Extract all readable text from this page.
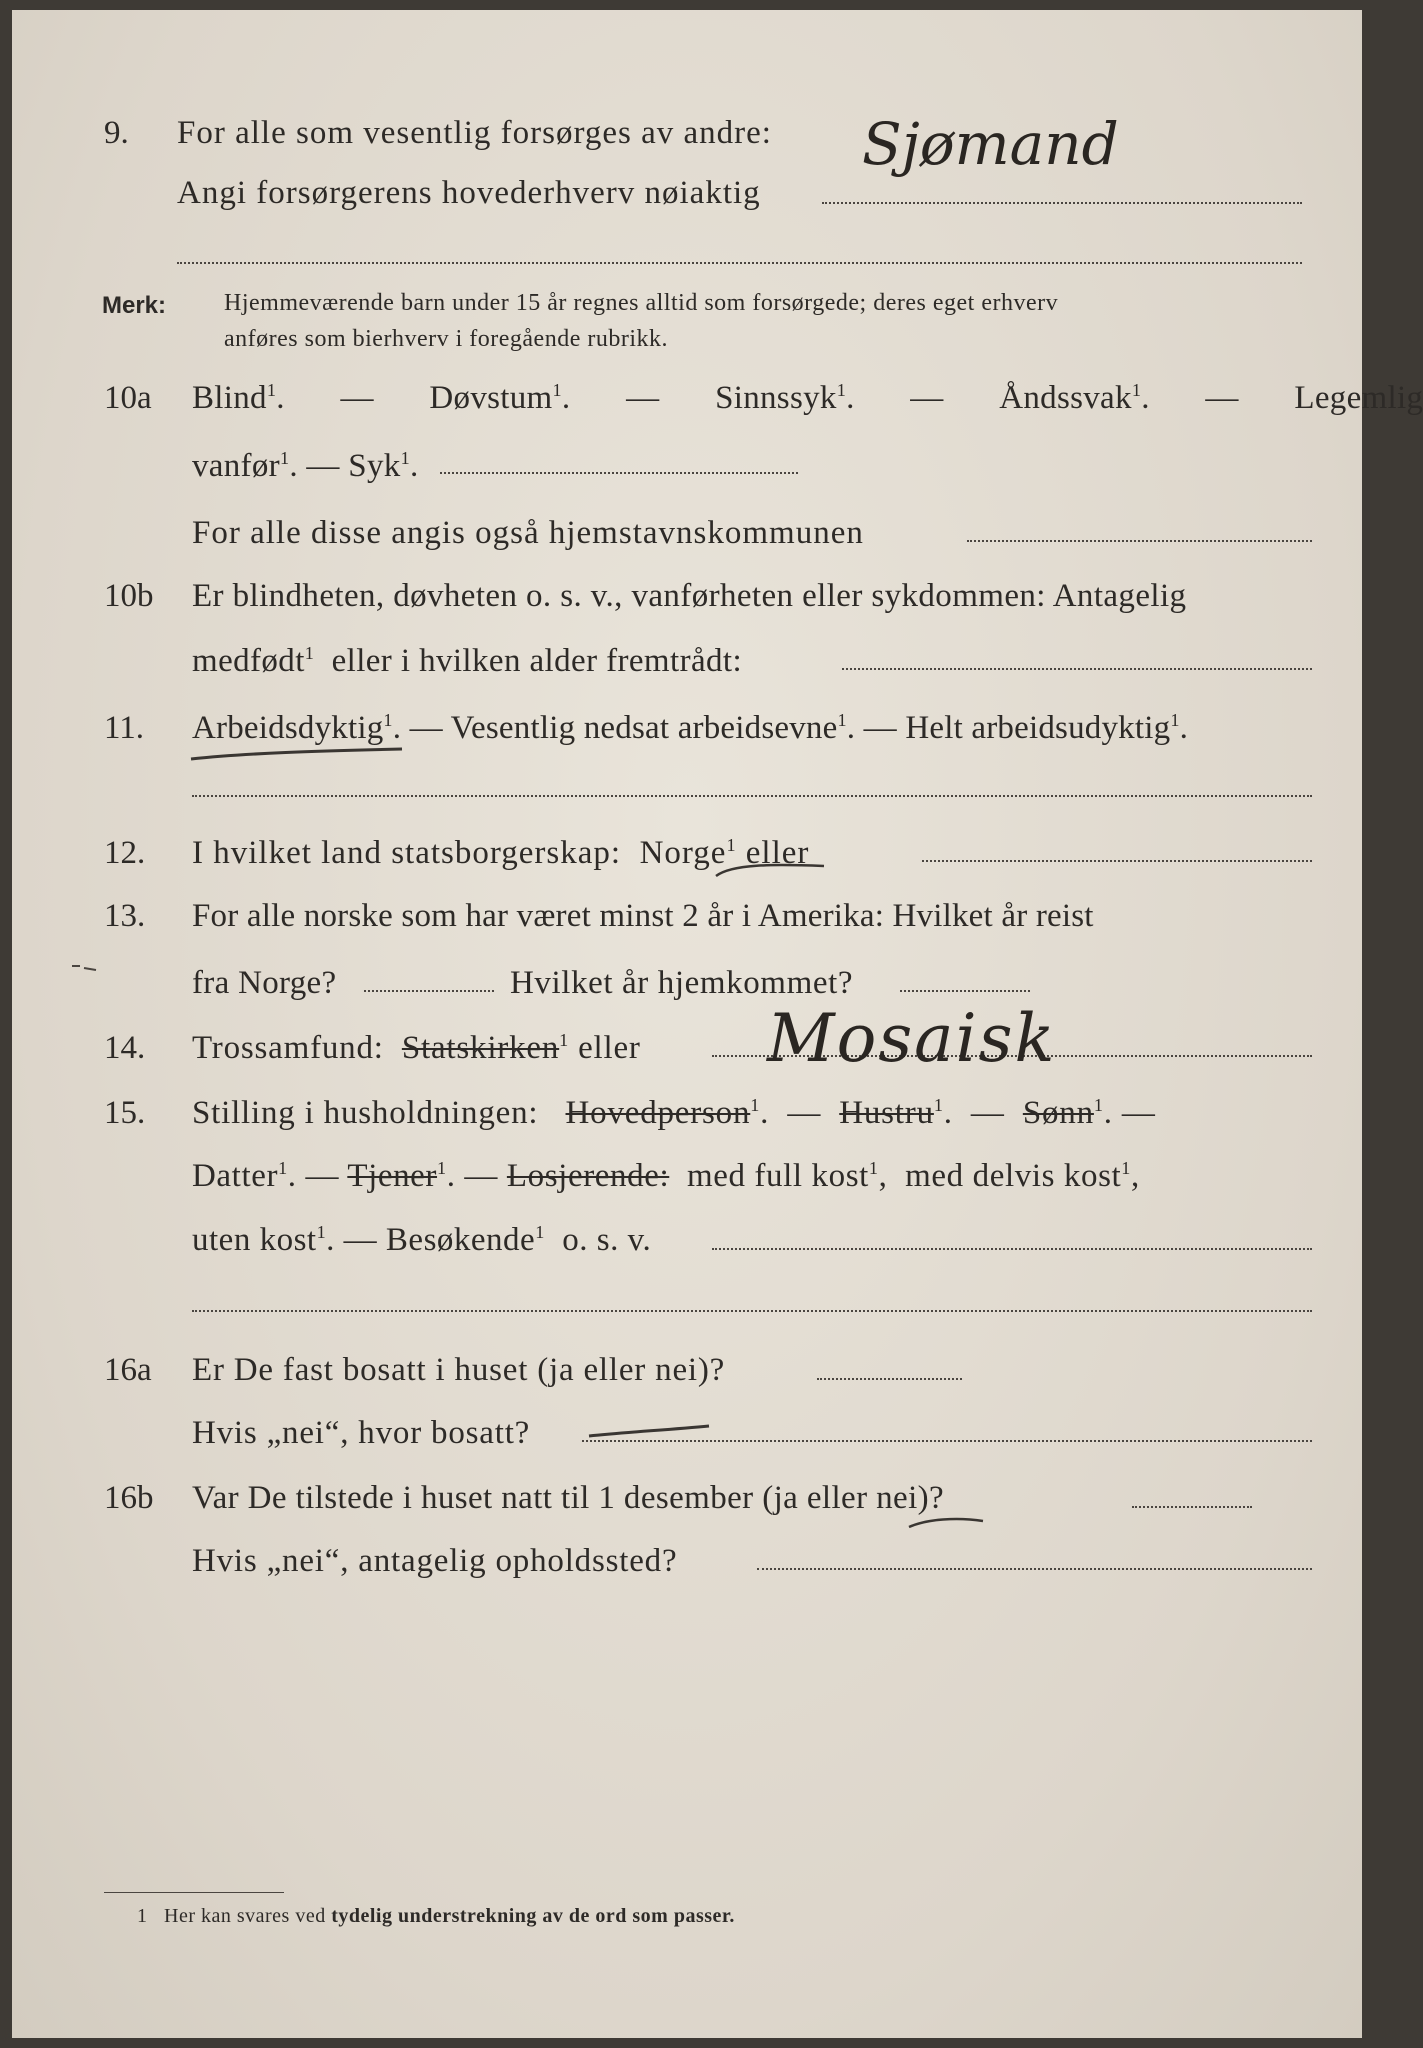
9. For alle som vesentlig forsørges av andre:
Angi forsørgerens hovederhverv nøiaktig
Sjømand
Merk: Hjemmeværende barn under 15 år regnes alltid som forsørgede; deres eget erhverv
anføres som bierhverv i foregående rubrikk.
10a Blind$^1$.   — Døvstum$^1$.   — Sinnssyk$^1$.   — Åndssvak$^1$.   — Legemlig
vanfør$^1$. — Syk$^1$.
For alle disse angis også hjemstavnskommunen
10b Er blindheten, døvheten o. s. v., vanførheten eller sykdommen: Antagelig
medfødt$^1$ eller i hvilken alder fremtrådt:
11. Arbeidsdyktig$^1$. — Vesentlig nedsat arbeidsevne$^1$. — Helt arbeidsudyktig$^1$.
12. I hvilket land statsborgerskap: Norge$^1$ eller
13. For alle norske som har været minst 2 år i Amerika: Hvilket år reist
fra Norge?	Hvilket år hjemkommet?
14. Trossamfund: Statskirken$^1$ eller Mosaisk
15. Stilling i husholdningen: Hovedperson$^1$.  — Hustru$^1$.  — Sønn$^1$. —
Datter$^1$. — Tjener$^1$. — Losjerende: med full kost$^1$,  med delvis kost$^1$,
uten kost$^1$. — Besøkende$^1$ o. s. v.
16a Er De fast bosatt i huset (ja eller nei)?
Hvis „nei“, hvor bosatt?
16b Var De tilstede i huset natt til 1 desember (ja eller nei)?
Hvis „nei“, antagelig opholdssted?
1 Her kan svares ved tydelig understrekning av de ord som passer.
